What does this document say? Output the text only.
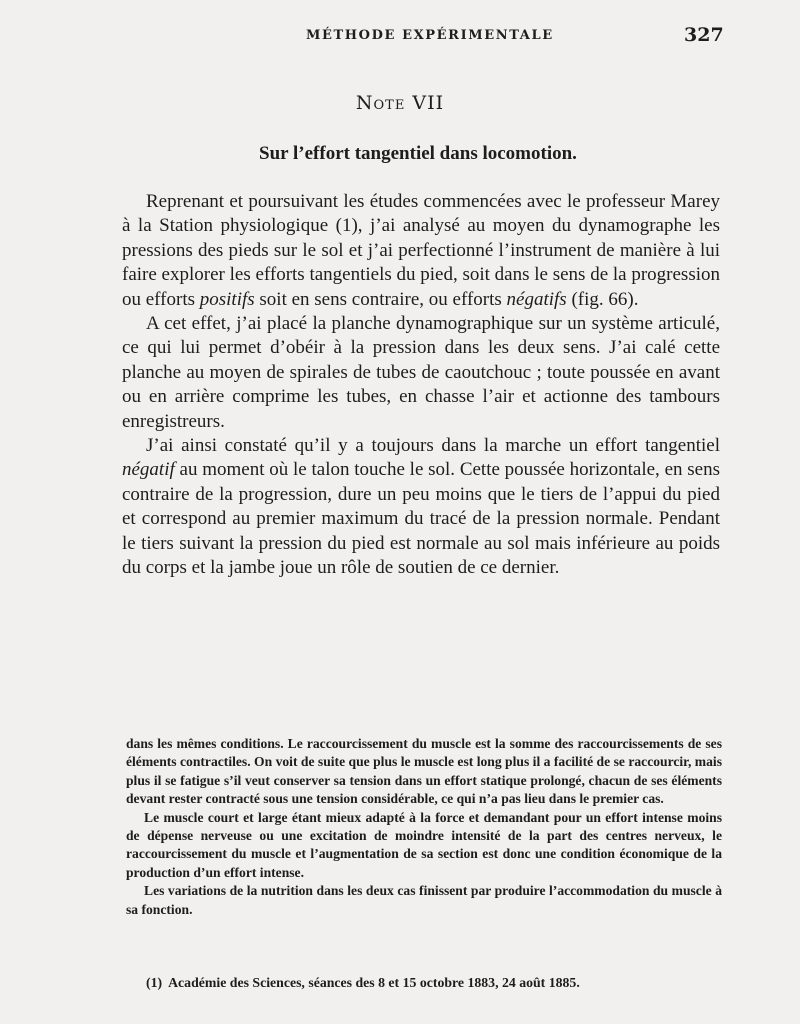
MÉTHODE EXPÉRIMENTALE	327
Note VII
Sur l’effort tangentiel dans locomotion.

Reprenant et poursuivant les études commencées avec le professeur Marey à la Station physiologique (1), j’ai analysé au moyen du dynamographe les pressions des pieds sur le sol et j’ai perfectionné l’instrument de manière à lui faire explorer les efforts tangentiels du pied, soit dans le sens de la progression ou efforts positifs soit en sens contraire, ou efforts négatifs (fig. 66).

A cet effet, j’ai placé la planche dynamographique sur un système articulé, ce qui lui permet d’obéir à la pression dans les deux sens. J’ai calé cette planche au moyen de spirales de tubes de caoutchouc ; toute poussée en avant ou en arrière comprime les tubes, en chasse l’air et actionne des tambours enregistreurs.

J’ai ainsi constaté qu’il y a toujours dans la marche un effort tangentiel négatif au moment où le talon touche le sol. Cette poussée horizontale, en sens contraire de la progression, dure un peu moins que le tiers de l’appui du pied et correspond au premier maximum du tracé de la pression normale. Pendant le tiers suivant la pression du pied est normale au sol mais inférieure au poids du corps et la jambe joue un rôle de soutien de ce dernier.

dans les mêmes conditions. Le raccourcissement du muscle est la somme des raccourcissements de ses éléments contractiles. On voit de suite que plus le muscle est long plus il a facilité de se raccourcir, mais plus il se fatigue s’il veut conserver sa tension dans un effort statique prolongé, chacun de ses éléments devant rester contracté sous une tension considérable, ce qui n’a pas lieu dans le premier cas.

Le muscle court et large étant mieux adapté à la force et demandant pour un effort intense moins de dépense nerveuse ou une excitation de moindre intensité de la part des centres nerveux, le raccourcissement du muscle et l’augmentation de sa section est donc une condition économique de la production d’un effort intense.

Les variations de la nutrition dans les deux cas finissent par produire l’accommodation du muscle à sa fonction.

(1) Académie des Sciences, séances des 8 et 15 octobre 1883, 24 août 1885.
